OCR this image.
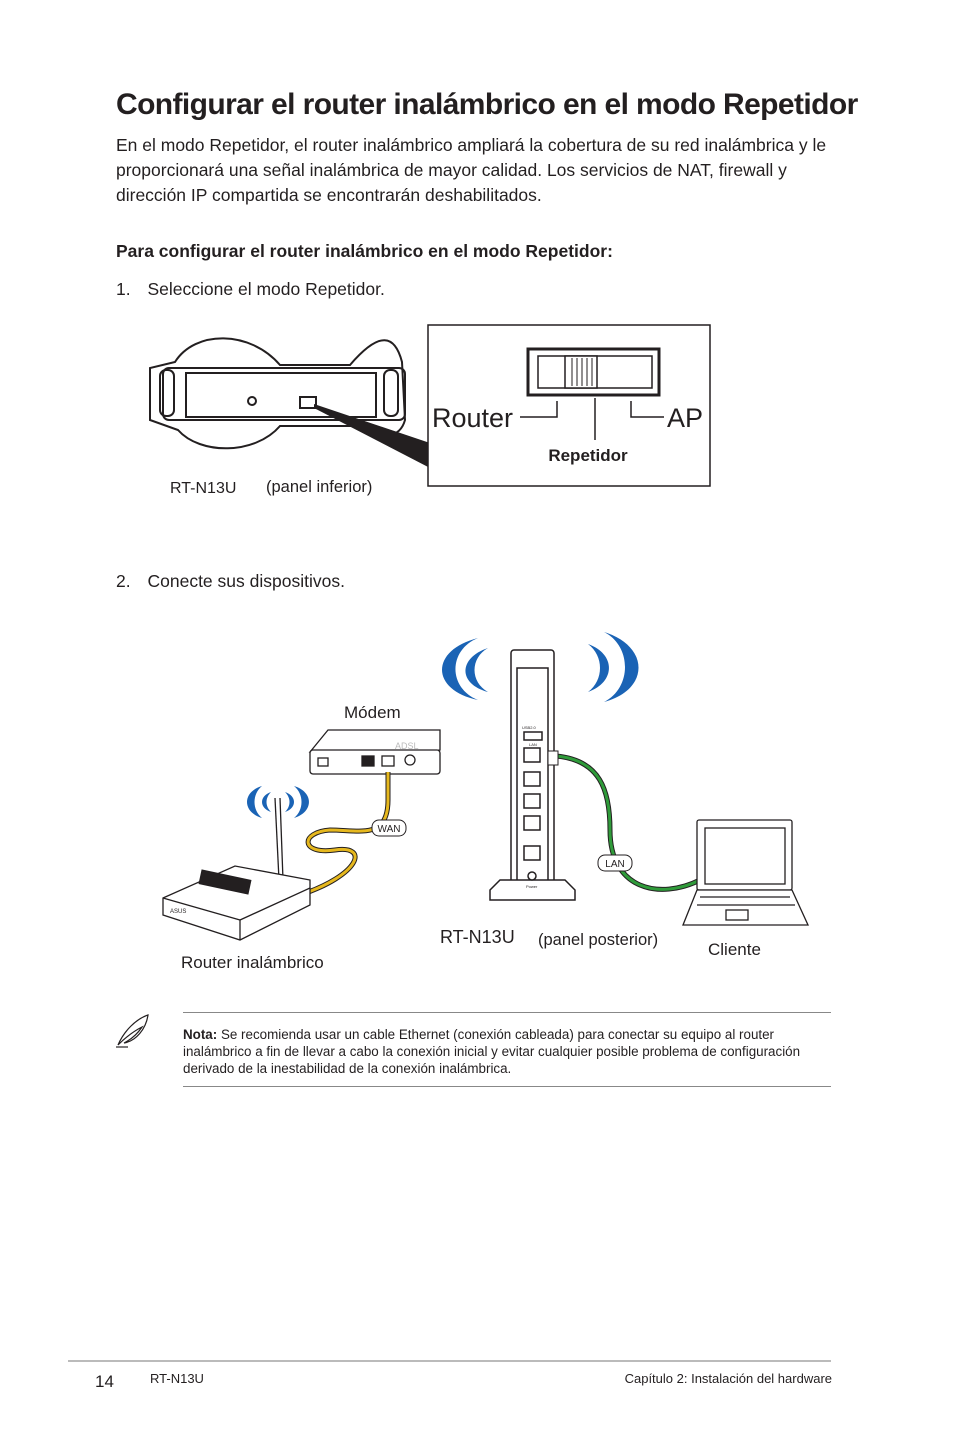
Configurar el router inalámbrico en el modo Repetidor
En el modo Repetidor, el router inalámbrico ampliará la cobertura de su red inalámbrica y le proporcionará una señal inalámbrica de mayor calidad. Los servicios de NAT, firewall y dirección IP compartida se encontrarán deshabilitados.
Para configurar el router inalámbrico en el modo Repetidor:
1. Seleccione el modo Repetidor.
Router	AP
Repetidor
RT-N13U (panel inferior)
2. Conecte sus dispositivos.
Módem
ADSL
WAN
ASUS
Router inalámbrico
USB2.0
LAN
Power
LAN
RT-N13U (panel posterior)	Cliente
Nota: Se recomienda usar un cable Ethernet (conexión cableada) para conectar su equipo al router inalámbrico a fin de llevar a cabo la conexión inicial y evitar cualquier posible problema de configuración derivado de la inestabilidad de la conexión inalámbrica.
14	RT-N13U	Capítulo 2: Instalación del hardware
